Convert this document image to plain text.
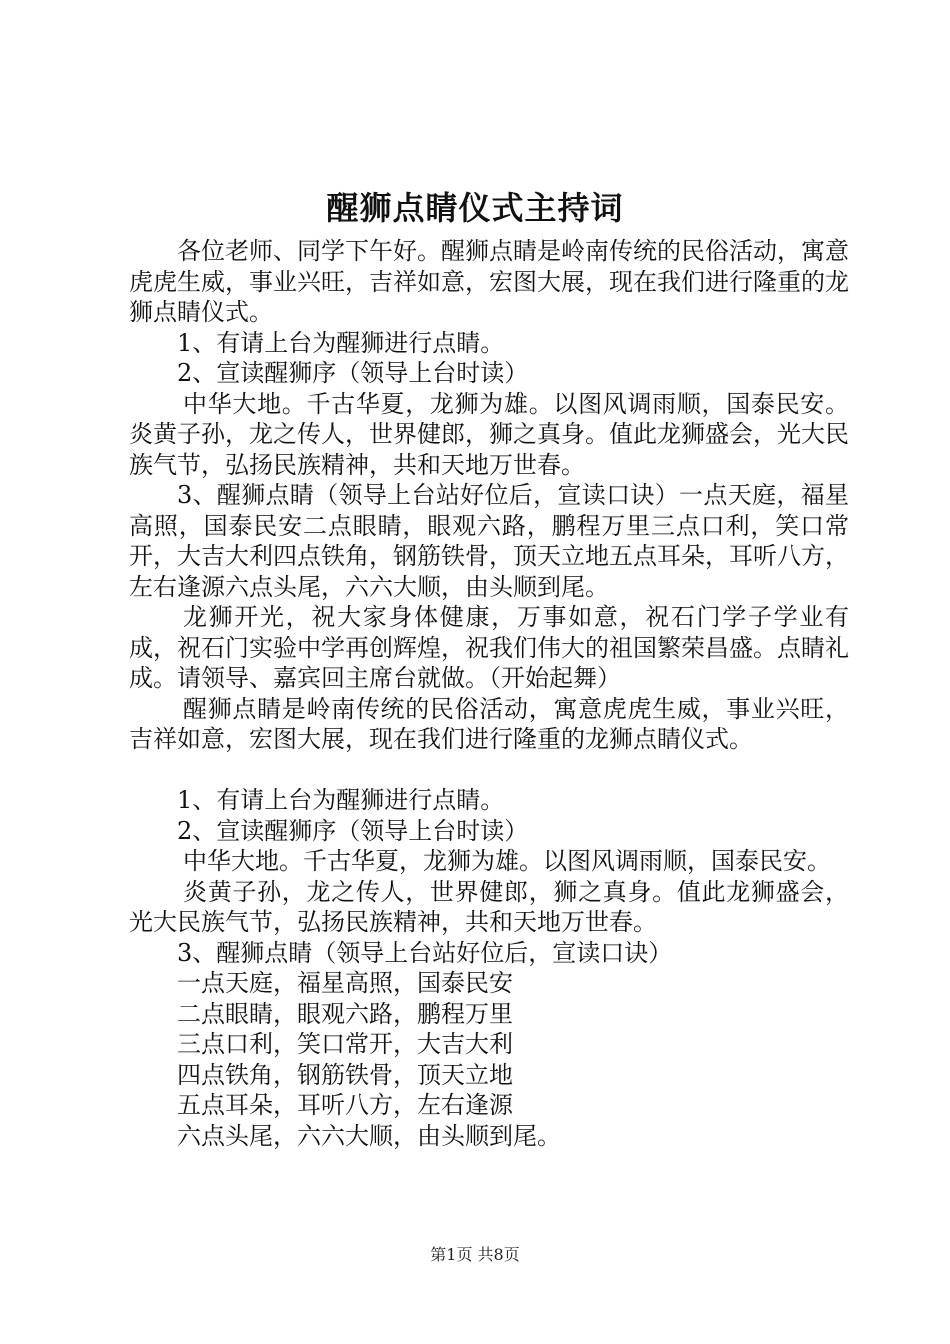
醒狮点睛仪式主持词

各位老师、同学下午好。醒狮点睛是岭南传统的民俗活动，寓意虎虎生威，事业兴旺，吉祥如意，宏图大展，现在我们进行隆重的龙狮点睛仪式。

1、有请上台为醒狮进行点睛。

2、宣读醒狮序（领导上台时读）

中华大地。千古华夏，龙狮为雄。以图风调雨顺，国泰民安。炎黄子孙，龙之传人，世界健郎，狮之真身。值此龙狮盛会，光大民族气节，弘扬民族精神，共和天地万世春。

3、醒狮点睛（领导上台站好位后，宣读口诀）一点天庭，福星高照，国泰民安二点眼睛，眼观六路，鹏程万里三点口利，笑口常开，大吉大利四点铁角，钢筋铁骨，顶天立地五点耳朵，耳听八方，左右逢源六点头尾，六六大顺，由头顺到尾。

龙狮开光，祝大家身体健康，万事如意，祝石门学子学业有成，祝石门实验中学再创辉煌，祝我们伟大的祖国繁荣昌盛。点睛礼成。请领导、嘉宾回主席台就做。（开始起舞）

醒狮点睛是岭南传统的民俗活动，寓意虎虎生威，事业兴旺，吉祥如意，宏图大展，现在我们进行隆重的龙狮点睛仪式。

1、有请上台为醒狮进行点睛。

2、宣读醒狮序（领导上台时读）

中华大地。千古华夏，龙狮为雄。以图风调雨顺，国泰民安。

炎黄子孙，龙之传人，世界健郎，狮之真身。值此龙狮盛会，光大民族气节，弘扬民族精神，共和天地万世春。

3、醒狮点睛（领导上台站好位后，宣读口诀）

一点天庭，福星高照，国泰民安

二点眼睛，眼观六路，鹏程万里

三点口利，笑口常开，大吉大利

四点铁角，钢筋铁骨，顶天立地

五点耳朵，耳听八方，左右逢源

六点头尾，六六大顺，由头顺到尾。

第1页 共8页
